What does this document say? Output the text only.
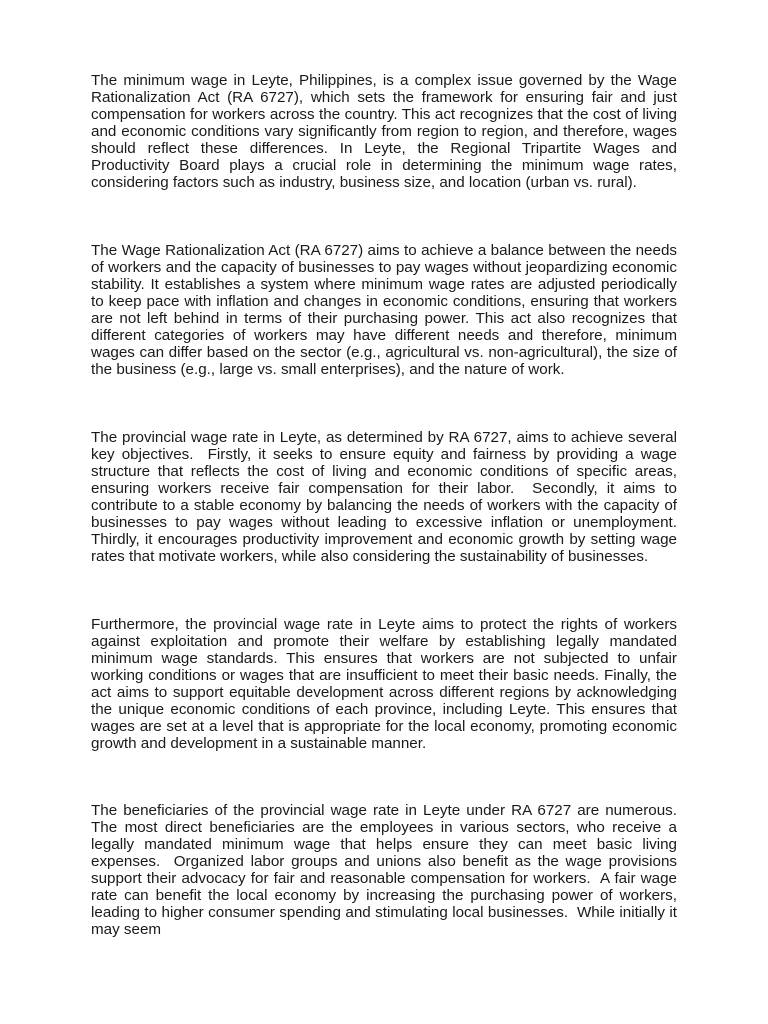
The minimum wage in Leyte, Philippines, is a complex issue governed by the Wage Rationalization Act (RA 6727), which sets the framework for ensuring fair and just compensation for workers across the country. This act recognizes that the cost of living and economic conditions vary significantly from region to region, and therefore, wages should reflect these differences. In Leyte, the Regional Tripartite Wages and Productivity Board plays a crucial role in determining the minimum wage rates, considering factors such as industry, business size, and location (urban vs. rural).

The Wage Rationalization Act (RA 6727) aims to achieve a balance between the needs of workers and the capacity of businesses to pay wages without jeopardizing economic stability. It establishes a system where minimum wage rates are adjusted periodically to keep pace with inflation and changes in economic conditions, ensuring that workers are not left behind in terms of their purchasing power. This act also recognizes that different categories of workers may have different needs and therefore, minimum wages can differ based on the sector (e.g., agricultural vs. non-agricultural), the size of the business (e.g., large vs. small enterprises), and the nature of work.

The provincial wage rate in Leyte, as determined by RA 6727, aims to achieve several key objectives.  Firstly, it seeks to ensure equity and fairness by providing a wage structure that reflects the cost of living and economic conditions of specific areas, ensuring workers receive fair compensation for their labor.  Secondly, it aims to contribute to a stable economy by balancing the needs of workers with the capacity of businesses to pay wages without leading to excessive inflation or unemployment. Thirdly, it encourages productivity improvement and economic growth by setting wage rates that motivate workers, while also considering the sustainability of businesses.

Furthermore, the provincial wage rate in Leyte aims to protect the rights of workers against exploitation and promote their welfare by establishing legally mandated minimum wage standards. This ensures that workers are not subjected to unfair working conditions or wages that are insufficient to meet their basic needs. Finally, the act aims to support equitable development across different regions by acknowledging the unique economic conditions of each province, including Leyte. This ensures that wages are set at a level that is appropriate for the local economy, promoting economic growth and development in a sustainable manner.

The beneficiaries of the provincial wage rate in Leyte under RA 6727 are numerous.  The most direct beneficiaries are the employees in various sectors, who receive a legally mandated minimum wage that helps ensure they can meet basic living expenses.  Organized labor groups and unions also benefit as the wage provisions support their advocacy for fair and reasonable compensation for workers.  A fair wage rate can benefit the local economy by increasing the purchasing power of workers, leading to higher consumer spending and stimulating local businesses.  While initially it may seem
